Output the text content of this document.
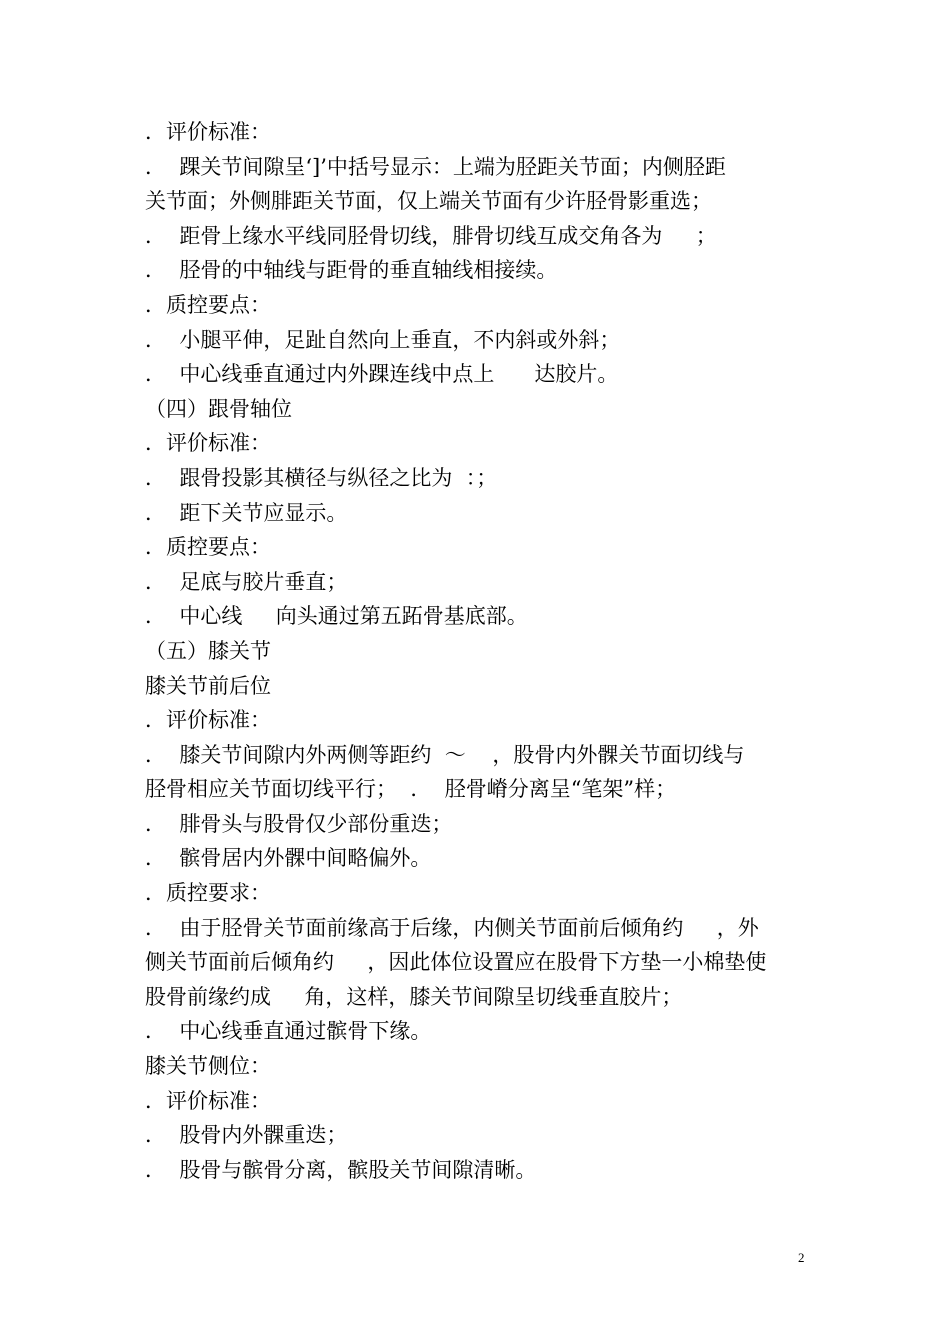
．评价标准：
．  踝关节间隙呈‘]’中括号显示：上端为胫距关节面；内侧胫距
关节面；外侧腓距关节面，仅上端关节面有少许胫骨影重选；
．  距骨上缘水平线同胫骨切线，腓骨切线互成交角各为     ；
．  胫骨的中轴线与距骨的垂直轴线相接续。
．质控要点：
．  小腿平伸，足趾自然向上垂直，不内斜或外斜；
．  中心线垂直通过内外踝连线中点上      达胶片。
（四）跟骨轴位
．评价标准：
．  跟骨投影其横径与纵径之比为  ：；
．  距下关节应显示。
．质控要点：
．  足底与胶片垂直；
．  中心线     向头通过第五跖骨基底部。
（五）膝关节
膝关节前后位
．评价标准：
．  膝关节间隙内外两侧等距约  ～    ，股骨内外髁关节面切线与
胫骨相应关节面切线平行；  ．  胫骨嵴分离呈“笔架”样；
．  腓骨头与股骨仅少部份重迭；
．  髌骨居内外髁中间略偏外。
．质控要求：
．  由于胫骨关节面前缘高于后缘，内侧关节面前后倾角约     ，外
侧关节面前后倾角约     ，因此体位设置应在股骨下方垫一小棉垫使
股骨前缘约成     角，这样，膝关节间隙呈切线垂直胶片；
．  中心线垂直通过髌骨下缘。
膝关节侧位：
．评价标准：
．  股骨内外髁重迭；
．  股骨与髌骨分离，髌股关节间隙清晰。
2
